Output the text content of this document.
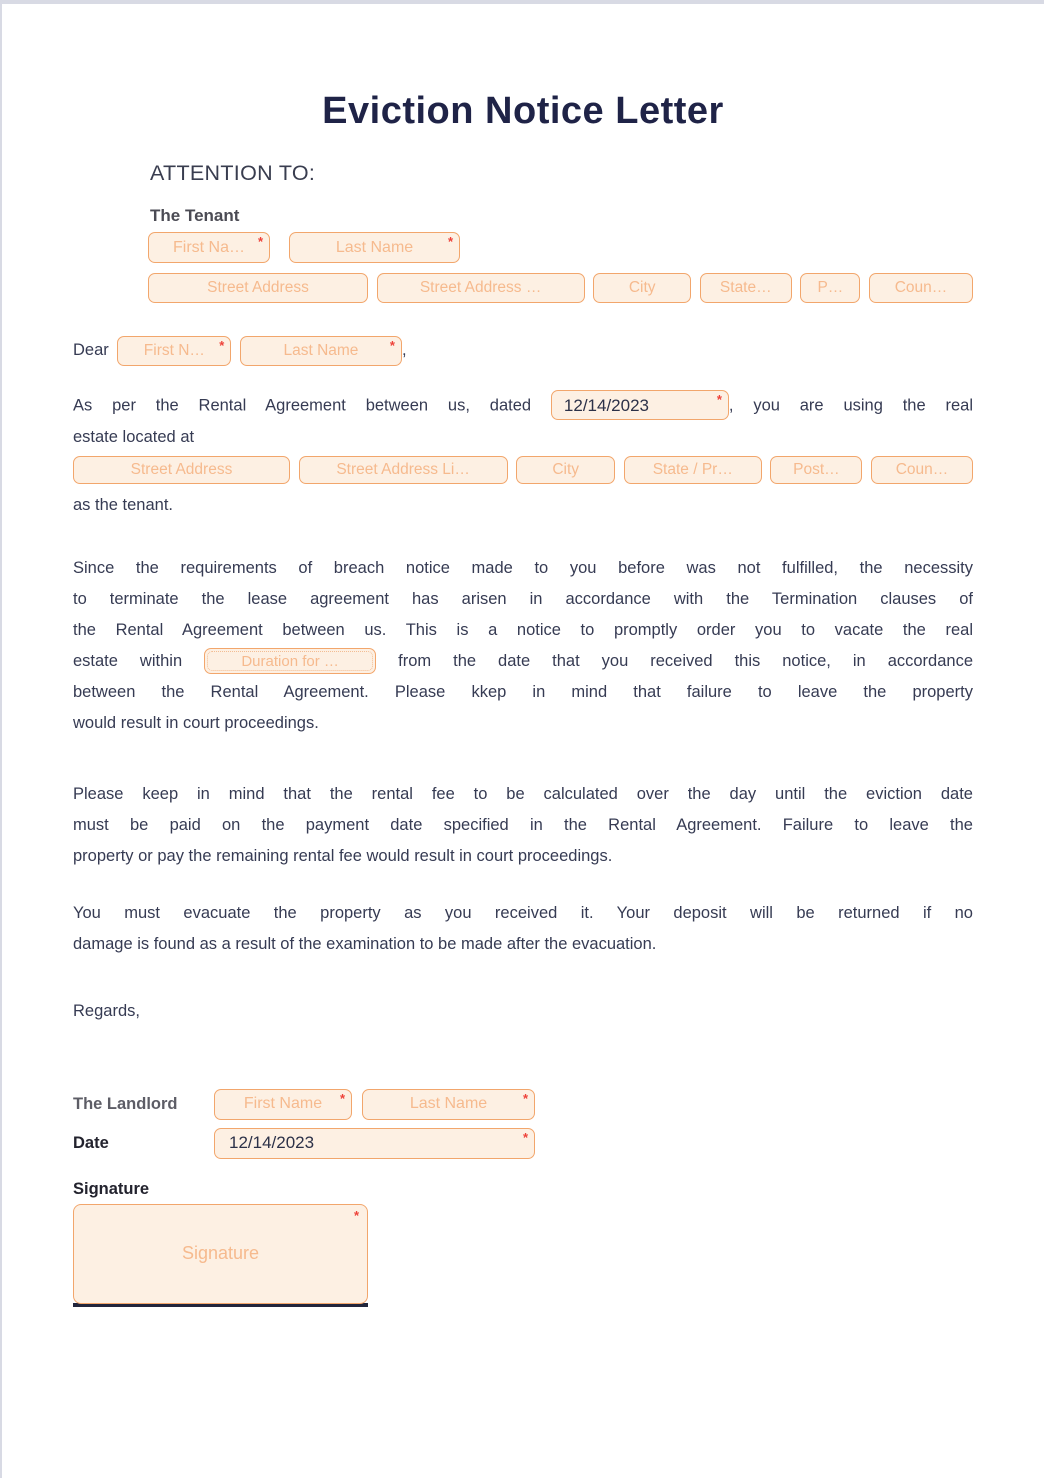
Eviction Notice Letter
ATTENTION TO:
The Tenant
First Na… *	Last Name	*
Street Address	Street Address …	City	State…	P…	Coun…
Dear First N… *
	Last Name * ,
As per the Rental Agreement between us, dated 12/14/2023	* , you are using the real
estate located at
Street Address	Street Address Li…	City	State / Pr…	Post…	Coun…
as the tenant.
Since the requirements of breach notice made to you before was not fulfilled, the necessity
to terminate the lease agreement has arisen in accordance with the Termination clauses of
the Rental Agreement between us. This is a notice to promptly order you to vacate the real
estate within	Duration for …	from the date that you received this notice, in accordance
between the Rental Agreement. Please kkep in mind that failure to leave the property
would result in court proceedings.
Please keep in mind that the rental fee to be calculated over the day until the eviction date
must be paid on the payment date specified in the Rental Agreement. Failure to leave the
property or pay the remaining rental fee would result in court proceedings.
You must evacuate the property as you received it. Your deposit will be returned if no
damage is found as a result of the examination to be made after the evacuation.
Regards,
The Landlord	First Name *	Last Name	*
Date	12/14/2023	*
Signature
Signature
*
